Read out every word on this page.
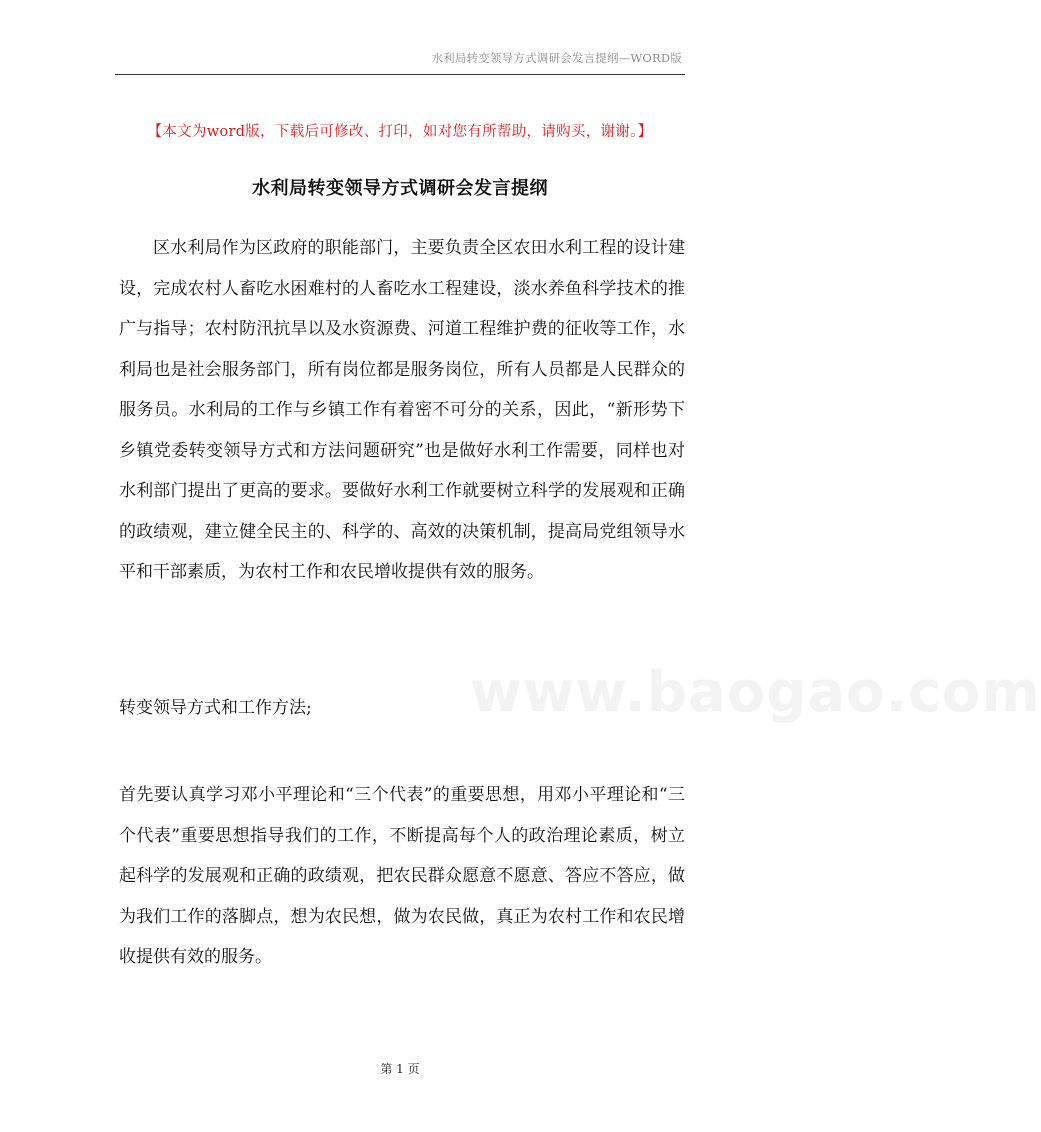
水利局转变领导方式调研会发言提纲—WORD版
【本文为word版，下载后可修改、打印，如对您有所帮助，请购买，谢谢。】
水利局转变领导方式调研会发言提纲
www.baogao.com

区水利局作为区政府的职能部门，主要负责全区农田水利工程的设计建设，完成农村人畜吃水困难村的人畜吃水工程建设，淡水养鱼科学技术的推广与指导；农村防汛抗旱以及水资源费、河道工程维护费的征收等工作，水利局也是社会服务部门，所有岗位都是服务岗位，所有人员都是人民群众的服务员。水利局的工作与乡镇工作有着密不可分的关系，因此，“新形势下乡镇党委转变领导方式和方法问题研究”也是做好水利工作需要，同样也对水利部门提出了更高的要求。要做好水利工作就要树立科学的发展观和正确的政绩观，建立健全民主的、科学的、高效的决策机制，提高局党组领导水平和干部素质，为农村工作和农民增收提供有效的服务。

转变领导方式和工作方法;

首先要认真学习邓小平理论和“三个代表”的重要思想，用邓小平理论和“三个代表”重要思想指导我们的工作，不断提高每个人的政治理论素质，树立起科学的发展观和正确的政绩观，把农民群众愿意不愿意、答应不答应，做为我们工作的落脚点，想为农民想，做为农民做，真正为农村工作和农民增收提供有效的服务。

第 1 页
